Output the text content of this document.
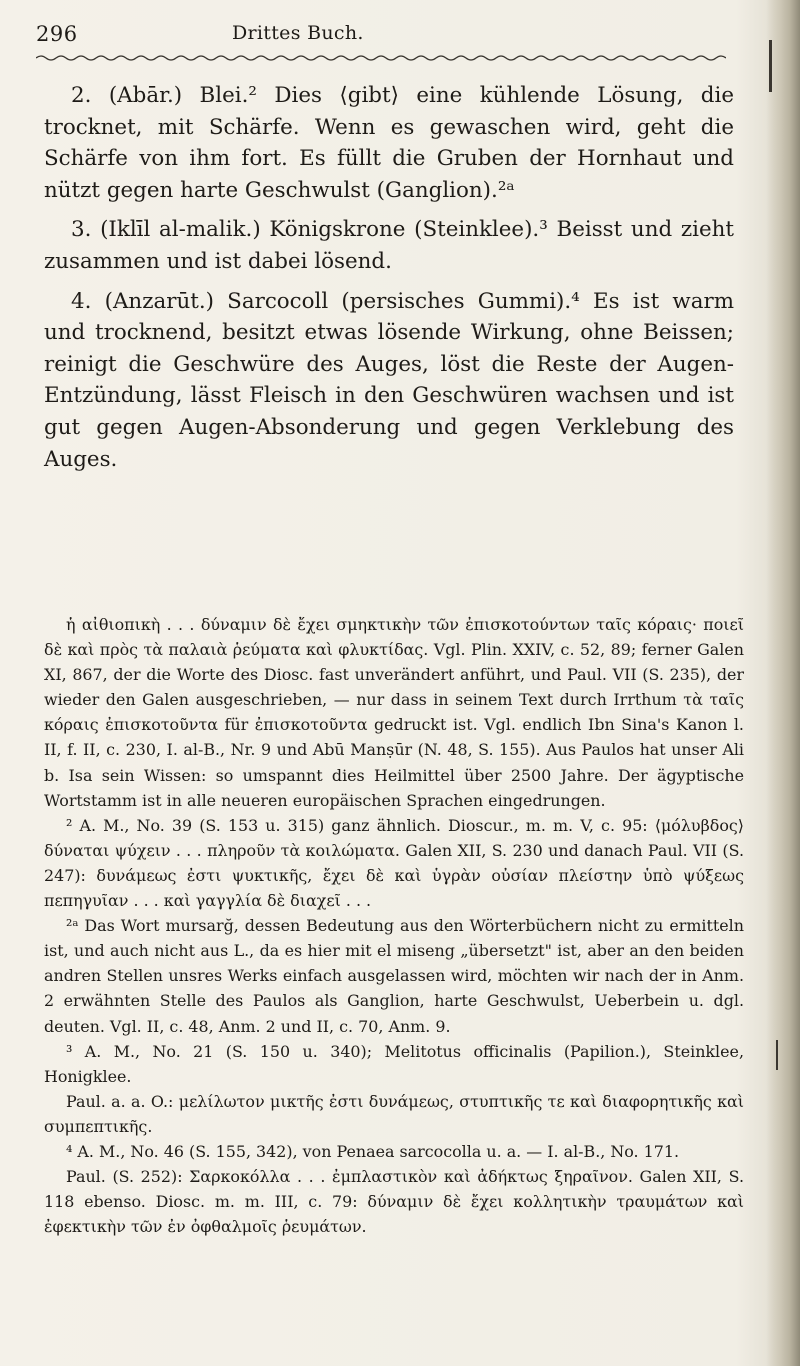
296	Drittes Buch.

2. (Abār.) Blei.² Dies ⟨gibt⟩ eine kühlende Lösung, die trocknet, mit Schärfe. Wenn es gewaschen wird, geht die Schärfe von ihm fort. Es füllt die Gruben der Hornhaut und nützt gegen harte Geschwulst (Ganglion).²ᵃ

3. (Iklīl al-malik.) Königskrone (Steinklee).³ Beisst und zieht zusammen und ist dabei lösend.

4. (Anzarūt.) Sarcocoll (persisches Gummi).⁴ Es ist warm und trocknend, besitzt etwas lösende Wirkung, ohne Beissen; reinigt die Geschwüre des Auges, löst die Reste der Augen-Entzündung, lässt Fleisch in den Geschwüren wachsen und ist gut gegen Augen-Absonderung und gegen Verklebung des Auges.

ἡ αἰθιοπικὴ . . . δύναμιν δὲ ἔχει σμηκτικὴν τῶν ἐπισκοτούντων ταῖς κόραις· ποιεῖ δὲ καὶ πρὸς τὰ παλαιὰ ῥεύματα καὶ φλυκτίδας. Vgl. Plin. XXIV, c. 52, 89; ferner Galen XI, 867, der die Worte des Diosc. fast unverändert anführt, und Paul. VII (S. 235), der wieder den Galen ausgeschrieben, — nur dass in seinem Text durch Irrthum τὰ ταῖς κόραις ἐπισκοτοῦντα für ἐπισκοτοῦντα gedruckt ist. Vgl. endlich Ibn Sina's Kanon l. II, f. II, c. 230, I. al-B., Nr. 9 und Abū Manṣūr (N. 48, S. 155). Aus Paulos hat unser Ali b. Isa sein Wissen: so umspannt dies Heilmittel über 2500 Jahre. Der ägyptische Wortstamm ist in alle neueren europäischen Sprachen eingedrungen.

² A. M., No. 39 (S. 153 u. 315) ganz ähnlich. Dioscur., m. m. V, c. 95: ⟨μόλυβδος⟩ δύναται ψύχειν . . . πληροῦν τὰ κοιλώματα. Galen XII, S. 230 und danach Paul. VII (S. 247): δυνάμεως ἐστι ψυκτικῆς, ἔχει δὲ καὶ ὑγρὰν οὐσίαν πλείστην ὑπὸ ψύξεως πεπηγυῖαν . . . καὶ γαγγλία δὲ διαχεῖ . . .

²ᵃ Das Wort mursarğ, dessen Bedeutung aus den Wörterbüchern nicht zu ermitteln ist, und auch nicht aus L., da es hier mit el miseng „übersetzt" ist, aber an den beiden andren Stellen unsres Werks einfach ausgelassen wird, möchten wir nach der in Anm. 2 erwähnten Stelle des Paulos als Ganglion, harte Geschwulst, Ueberbein u. dgl. deuten. Vgl. II, c. 48, Anm. 2 und II, c. 70, Anm. 9.

³ A. M., No. 21 (S. 150 u. 340); Melitotus officinalis (Papilion.), Steinklee, Honigklee.

Paul. a. a. O.: μελίλωτον μικτῆς ἐστι δυνάμεως, στυπτικῆς τε καὶ διαφορητικῆς καὶ συμπεπτικῆς.

⁴ A. M., No. 46 (S. 155, 342), von Penaea sarcocolla u. a. — I. al-B., No. 171.

Paul. (S. 252): Σαρκοκόλλα . . . ἐμπλαστικὸν καὶ ἀδήκτως ξηραῖνον. Galen XII, S. 118 ebenso. Diosc. m. m. III, c. 79: δύναμιν δὲ ἔχει κολλητικὴν τραυμάτων καὶ ἐφεκτικὴν τῶν ἐν ὀφθαλμοῖς ῥευμάτων.
